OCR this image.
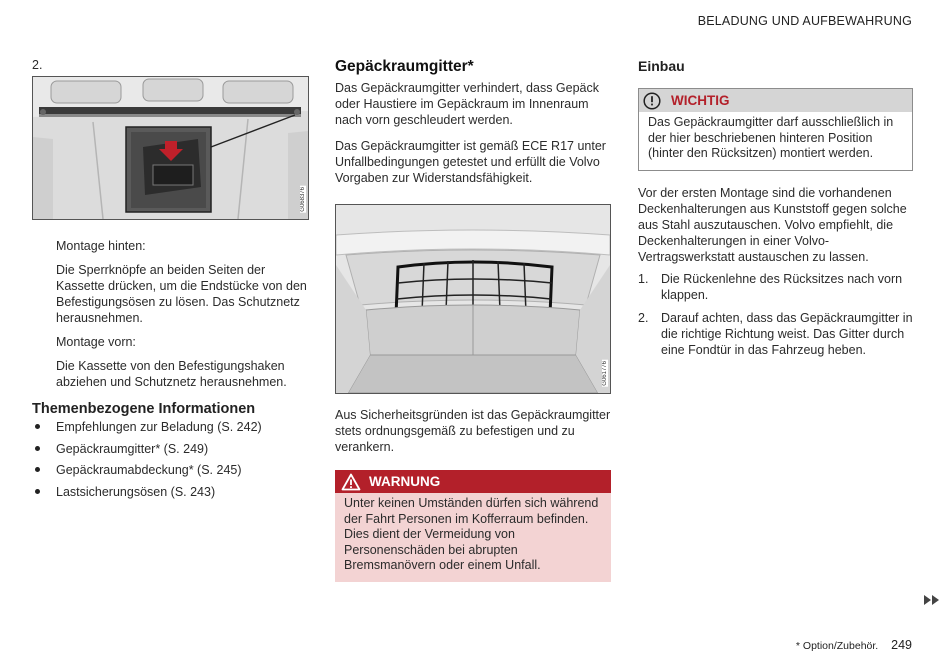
BELADUNG UND AUFBEWAHRUNG
2.
G068376

Montage hinten:

Die Sperrknöpfe an beiden Seiten der Kassette drücken, um die Endstücke von den Befestigungsösen zu lösen. Das Schutznetz herausnehmen.

Montage vorn:

Die Kassette von den Befestigungshaken abziehen und Schutznetz herausnehmen.

Themenbezogene Informationen
Empfehlungen zur Beladung (S. 242)
Gepäckraumgitter* (S. 249)
Gepäckraumabdeckung* (S. 245)
Lastsicherungsösen (S. 243)
Gepäckraumgitter*

Das Gepäckraumgitter verhindert, dass Gepäck oder Haustiere im Gepäckraum im Innenraum nach vorn geschleudert werden.

Das Gepäckraumgitter ist gemäß ECE R17 unter Unfallbedingungen getestet und erfüllt die Volvo Vorgaben zur Widerstandsfähigkeit.

G061776

Aus Sicherheitsgründen ist das Gepäckraumgitter stets ordnungsgemäß zu befestigen und zu verankern.

WARNUNG
Unter keinen Umständen dürfen sich während der Fahrt Personen im Kofferraum befinden. Dies dient der Vermeidung von Personenschäden bei abrupten Bremsmanövern oder einem Unfall.
Einbau
WICHTIG
Das Gepäckraumgitter darf ausschließlich in der hier beschriebenen hinteren Position (hinter den Rücksitzen) montiert werden.

Vor der ersten Montage sind die vorhandenen Deckenhalterungen aus Kunststoff gegen solche aus Stahl auszutauschen. Volvo empfiehlt, die Deckenhalterungen in einer Volvo-Vertragswerkstatt austauschen zu lassen.

1. Die Rückenlehne des Rücksitzes nach vorn klappen.
2. Darauf achten, dass das Gepäckraumgitter in die richtige Richtung weist. Das Gitter durch eine Fondtür in das Fahrzeug heben.
* Option/Zubehör. 249
